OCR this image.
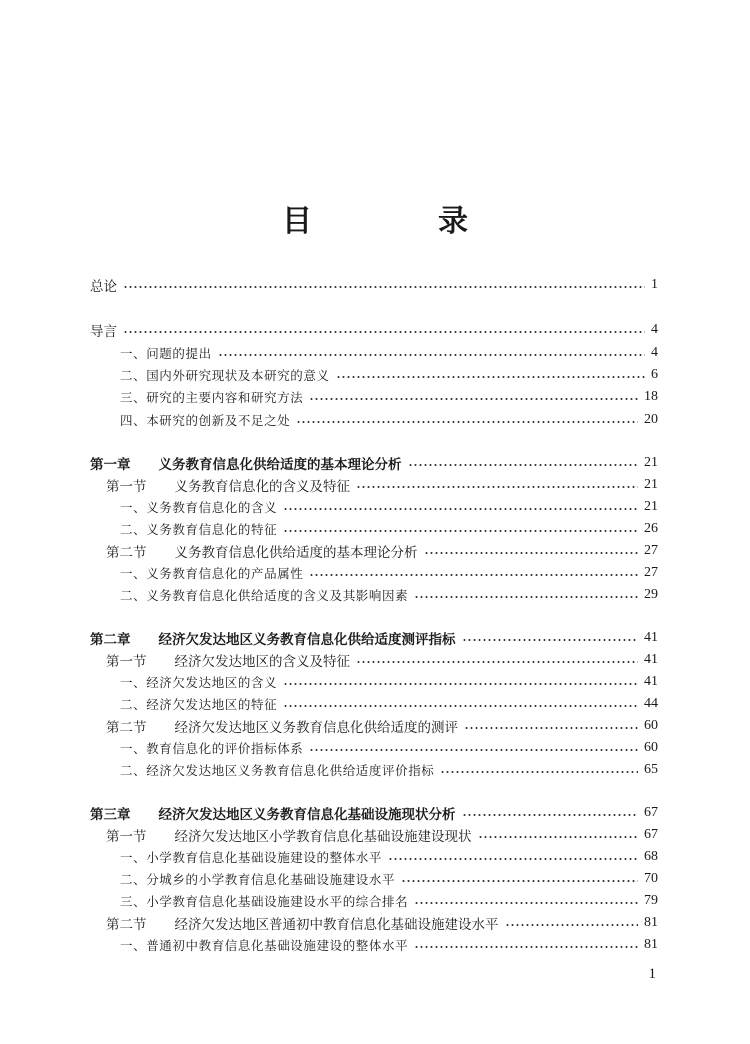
目　录
总论	1
导言	4
一、问题的提出	4
二、国内外研究现状及本研究的意义	6
三、研究的主要内容和研究方法	18
四、本研究的创新及不足之处	20
第一章 义务教育信息化供给适度的基本理论分析	21
第一节 义务教育信息化的含义及特征	21
一、义务教育信息化的含义	21
二、义务教育信息化的特征	26
第二节 义务教育信息化供给适度的基本理论分析	27
一、义务教育信息化的产品属性	27
二、义务教育信息化供给适度的含义及其影响因素	29
第二章 经济欠发达地区义务教育信息化供给适度测评指标	41
第一节 经济欠发达地区的含义及特征	41
一、经济欠发达地区的含义	41
二、经济欠发达地区的特征	44
第二节 经济欠发达地区义务教育信息化供给适度的测评	60
一、教育信息化的评价指标体系	60
二、经济欠发达地区义务教育信息化供给适度评价指标	65
第三章 经济欠发达地区义务教育信息化基础设施现状分析	67
第一节 经济欠发达地区小学教育信息化基础设施建设现状	67
一、小学教育信息化基础设施建设的整体水平	68
二、分城乡的小学教育信息化基础设施建设水平	70
三、小学教育信息化基础设施建设水平的综合排名	79
第二节 经济欠发达地区普通初中教育信息化基础设施建设水平	81
一、普通初中教育信息化基础设施建设的整体水平	81
1
